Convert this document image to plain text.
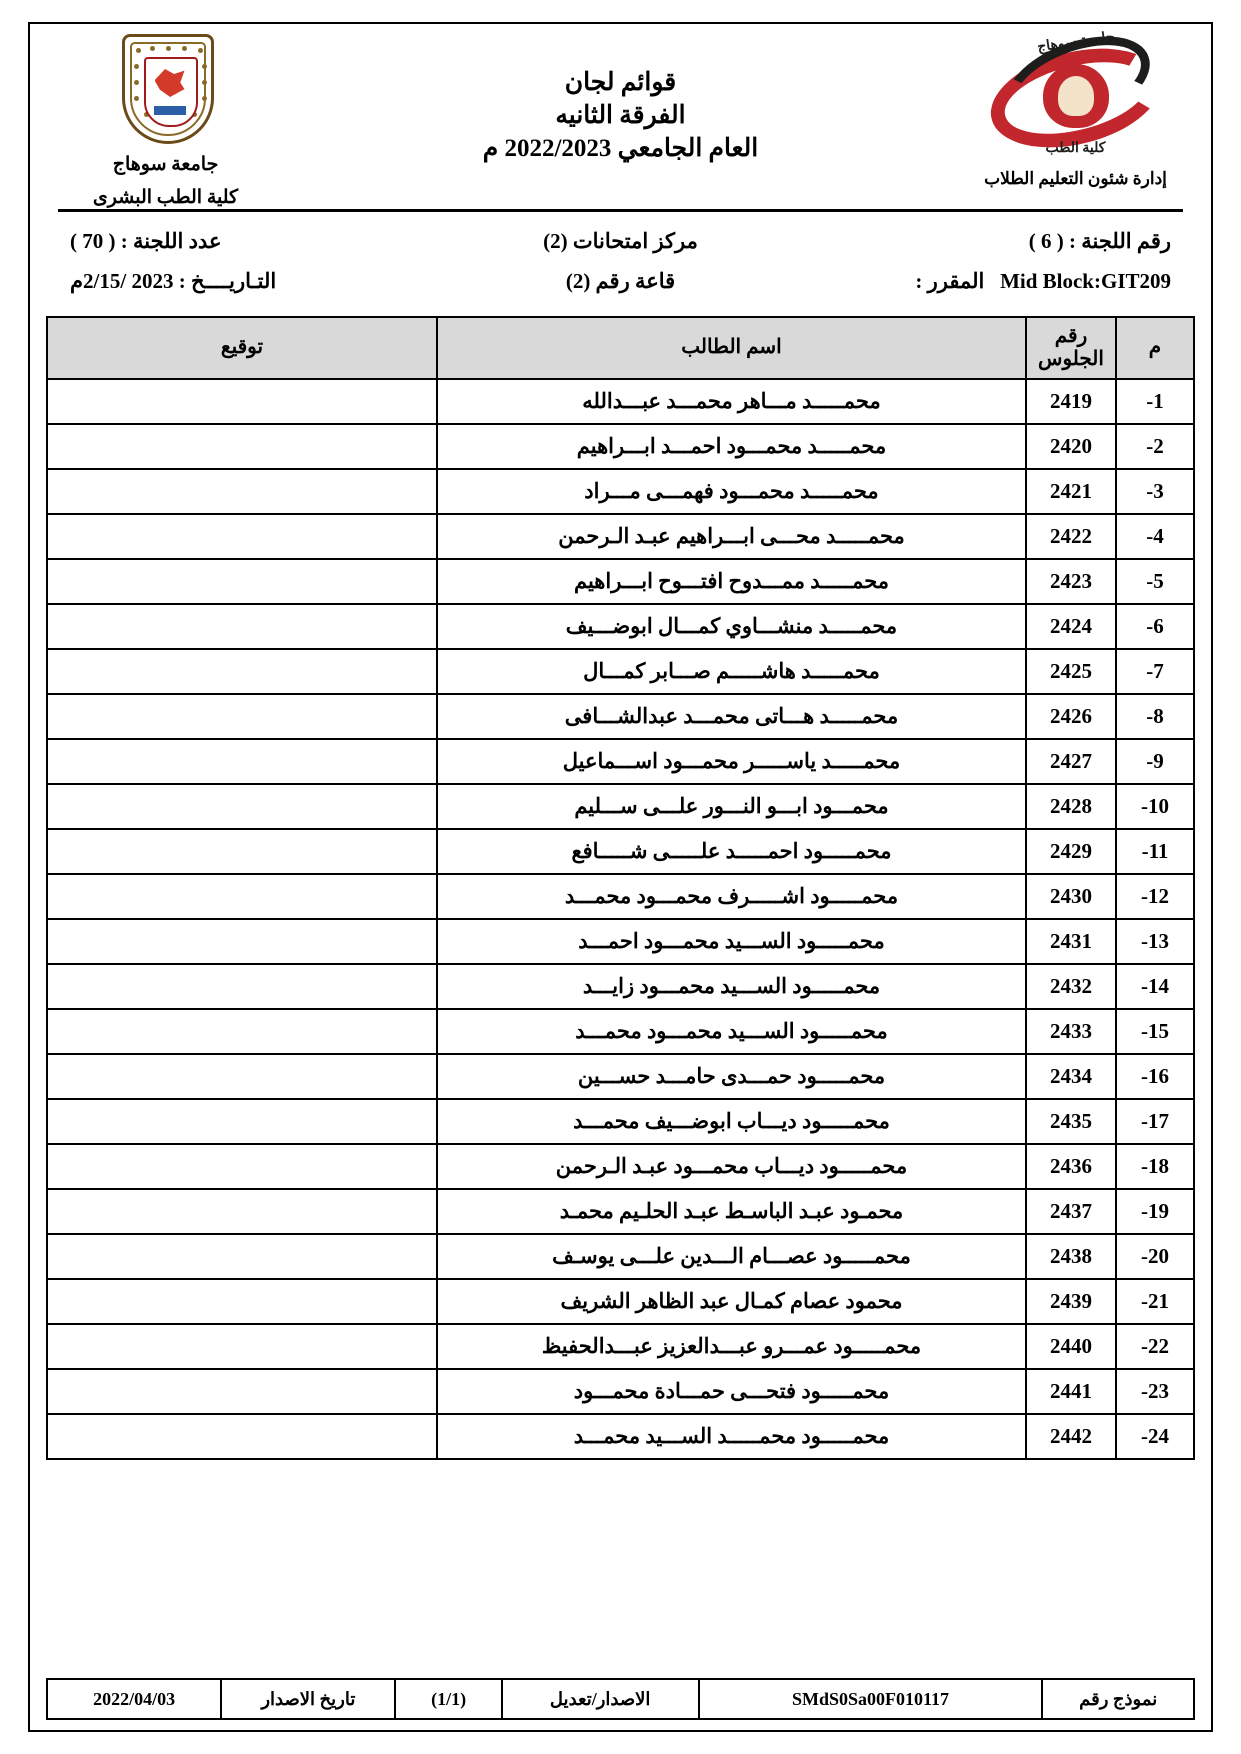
جامعة سوهاج
كلية الطب البشرى
قوائم لجان
الفرقة الثانيه
العام الجامعي 2022/2023 م
جامعة سوهاج
كلية الطب
إدارة شئون التعليم الطلاب
رقم اللجنة : ( 6 )
مركز امتحانات (2)
عدد اللجنة : ( 70 )
Mid Block:GIT209   المقرر :
قاعة رقم (2)
التـاريــــخ : 2023 /2/15م
م	رقم الجلوس	اسم الطالب	توقيع
1-	2419	محمـــــد مـــاهر محمـــد عبـــدالله	
2-	2420	محمـــــد محمـــود احمـــد ابـــراهيم	
3-	2421	محمـــــد محمـــود فهمـــى مـــراد	
4-	2422	محمـــــد محـــى ابـــراهيم عبـد الـرحمن	
5-	2423	محمـــــد ممـــدوح افتـــوح ابـــراهيم	
6-	2424	محمـــــد منشـــاوي كمـــال ابوضـــيف	
7-	2425	محمـــــد هاشـــــم صـــابر كمـــال	
8-	2426	محمـــــد هـــاتى محمـــد عبدالشـــافى	
9-	2427	محمـــــد ياســـــر محمـــود اســـماعيل	
10-	2428	محمـــود ابـــو النـــور علـــى ســـليم	
11-	2429	محمـــــود احمـــــد علـــــى شـــــافع	
12-	2430	محمـــــود اشـــــرف محمـــود محمـــد	
13-	2431	محمـــــود الســـيد محمـــود احمـــد	
14-	2432	محمـــــود الســـيد محمـــود زايـــد	
15-	2433	محمـــــود الســـيد محمـــود محمـــد	
16-	2434	محمـــــود حمـــدى حامـــد حســـين	
17-	2435	محمـــــود ديـــاب ابوضـــيف محمـــد	
18-	2436	محمـــــود ديـــاب محمـــود عبـد الـرحمن	
19-	2437	محمـود عبـد الباسـط عبـد الحلـيم محمـد	
20-	2438	محمـــــود عصـــام الـــدين علـــى يوسـف	
21-	2439	محمود عصام كمـال عبد الظاهر الشريف	
22-	2440	محمـــــود عمـــرو عبـــدالعزيز عبـــدالحفيظ	
23-	2441	محمـــــود فتحـــى حمـــادة محمـــود	
24-	2442	محمـــــود محمـــــد الســـيد محمـــد	
نموذج رقم	SMdS0Sa00F010117	الاصدار/تعديل	(1/1)	تاريخ الاصدار	2022/04/03
